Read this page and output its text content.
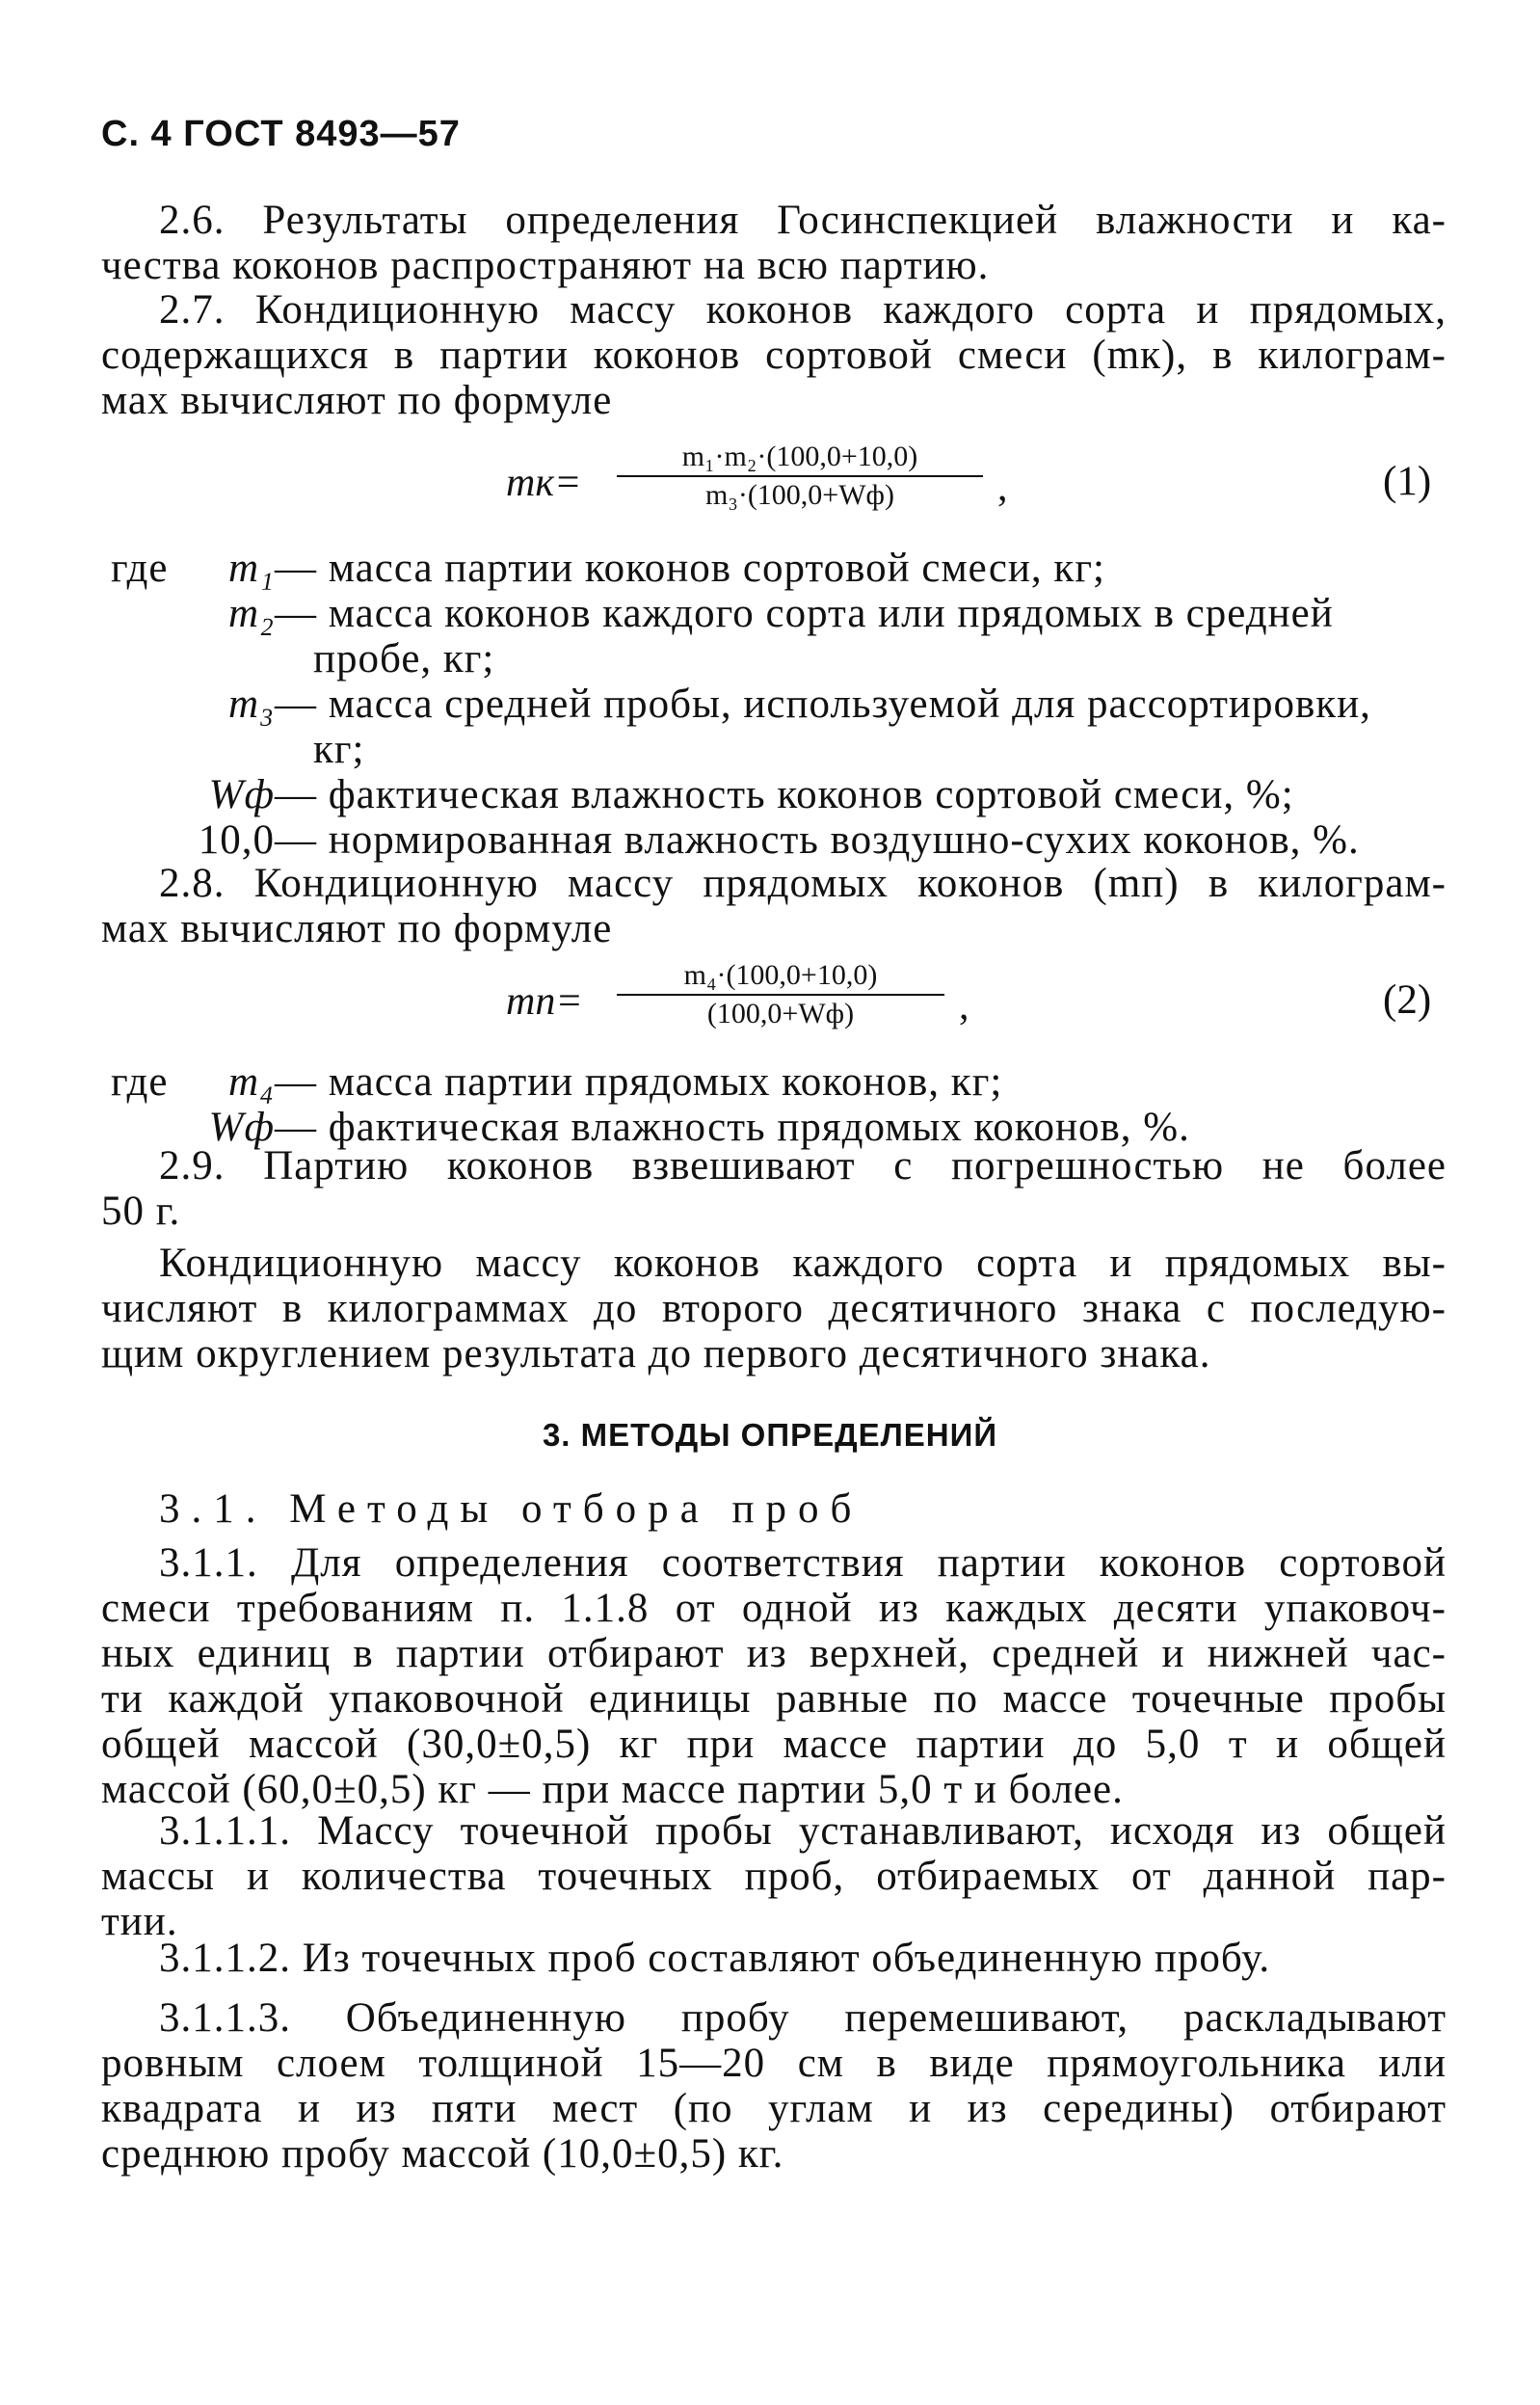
С. 4 ГОСТ 8493—57
2.6. Результаты определения Госинспекцией влажности и ка-
чества коконов распространяют на всю партию.
2.7. Кондиционную массу коконов каждого сорта и прядомых,
содержащихся в партии коконов сортовой смеси (mк), в килограм-
мах вычисляют по формуле
mк=
m₁·m₂·(100,0+10,0)
m₃·(100,0+Wф)	,	(1)
где	m₁ — масса партии коконов сортовой смеси, кг;
m₂ — масса коконов каждого сорта или прядомых в средней
пробе, кг;
m₃ — масса средней пробы, используемой для рассортировки,
кг;
Wф — фактическая влажность коконов сортовой смеси, %;
10,0 — нормированная влажность воздушно-сухих коконов, %.
2.8. Кондиционную массу прядомых коконов (mп) в килограм-
мах вычисляют по формуле
mп=
m₄·(100,0+10,0)
(100,0+Wф)	,	(2)
где	m₄ — масса партии прядомых коконов, кг;
Wф — фактическая влажность прядомых коконов, %.
2.9. Партию коконов взвешивают с погрешностью не более
50 г.
Кондиционную массу коконов каждого сорта и прядомых вы-
числяют в килограммах до второго десятичного знака с последую-
щим округлением результата до первого десятичного знака.
3. МЕТОДЫ ОПРЕДЕЛЕНИЙ
3.1. Методы отбора проб
3.1.1. Для определения соответствия партии коконов сортовой
смеси требованиям п. 1.1.8 от одной из каждых десяти упаковоч-
ных единиц в партии отбирают из верхней, средней и нижней час-
ти каждой упаковочной единицы равные по массе точечные пробы
общей массой (30,0±0,5) кг при массе партии до 5,0 т и общей
массой (60,0±0,5) кг — при массе партии 5,0 т и более.
3.1.1.1. Массу точечной пробы устанавливают, исходя из общей
массы и количества точечных проб, отбираемых от данной пар-
тии.
3.1.1.2. Из точечных проб составляют объединенную пробу.
3.1.1.3. Объединенную пробу перемешивают, раскладывают
ровным слоем толщиной 15—20 см в виде прямоугольника или
квадрата и из пяти мест (по углам и из середины) отбирают
среднюю пробу массой (10,0±0,5) кг.
